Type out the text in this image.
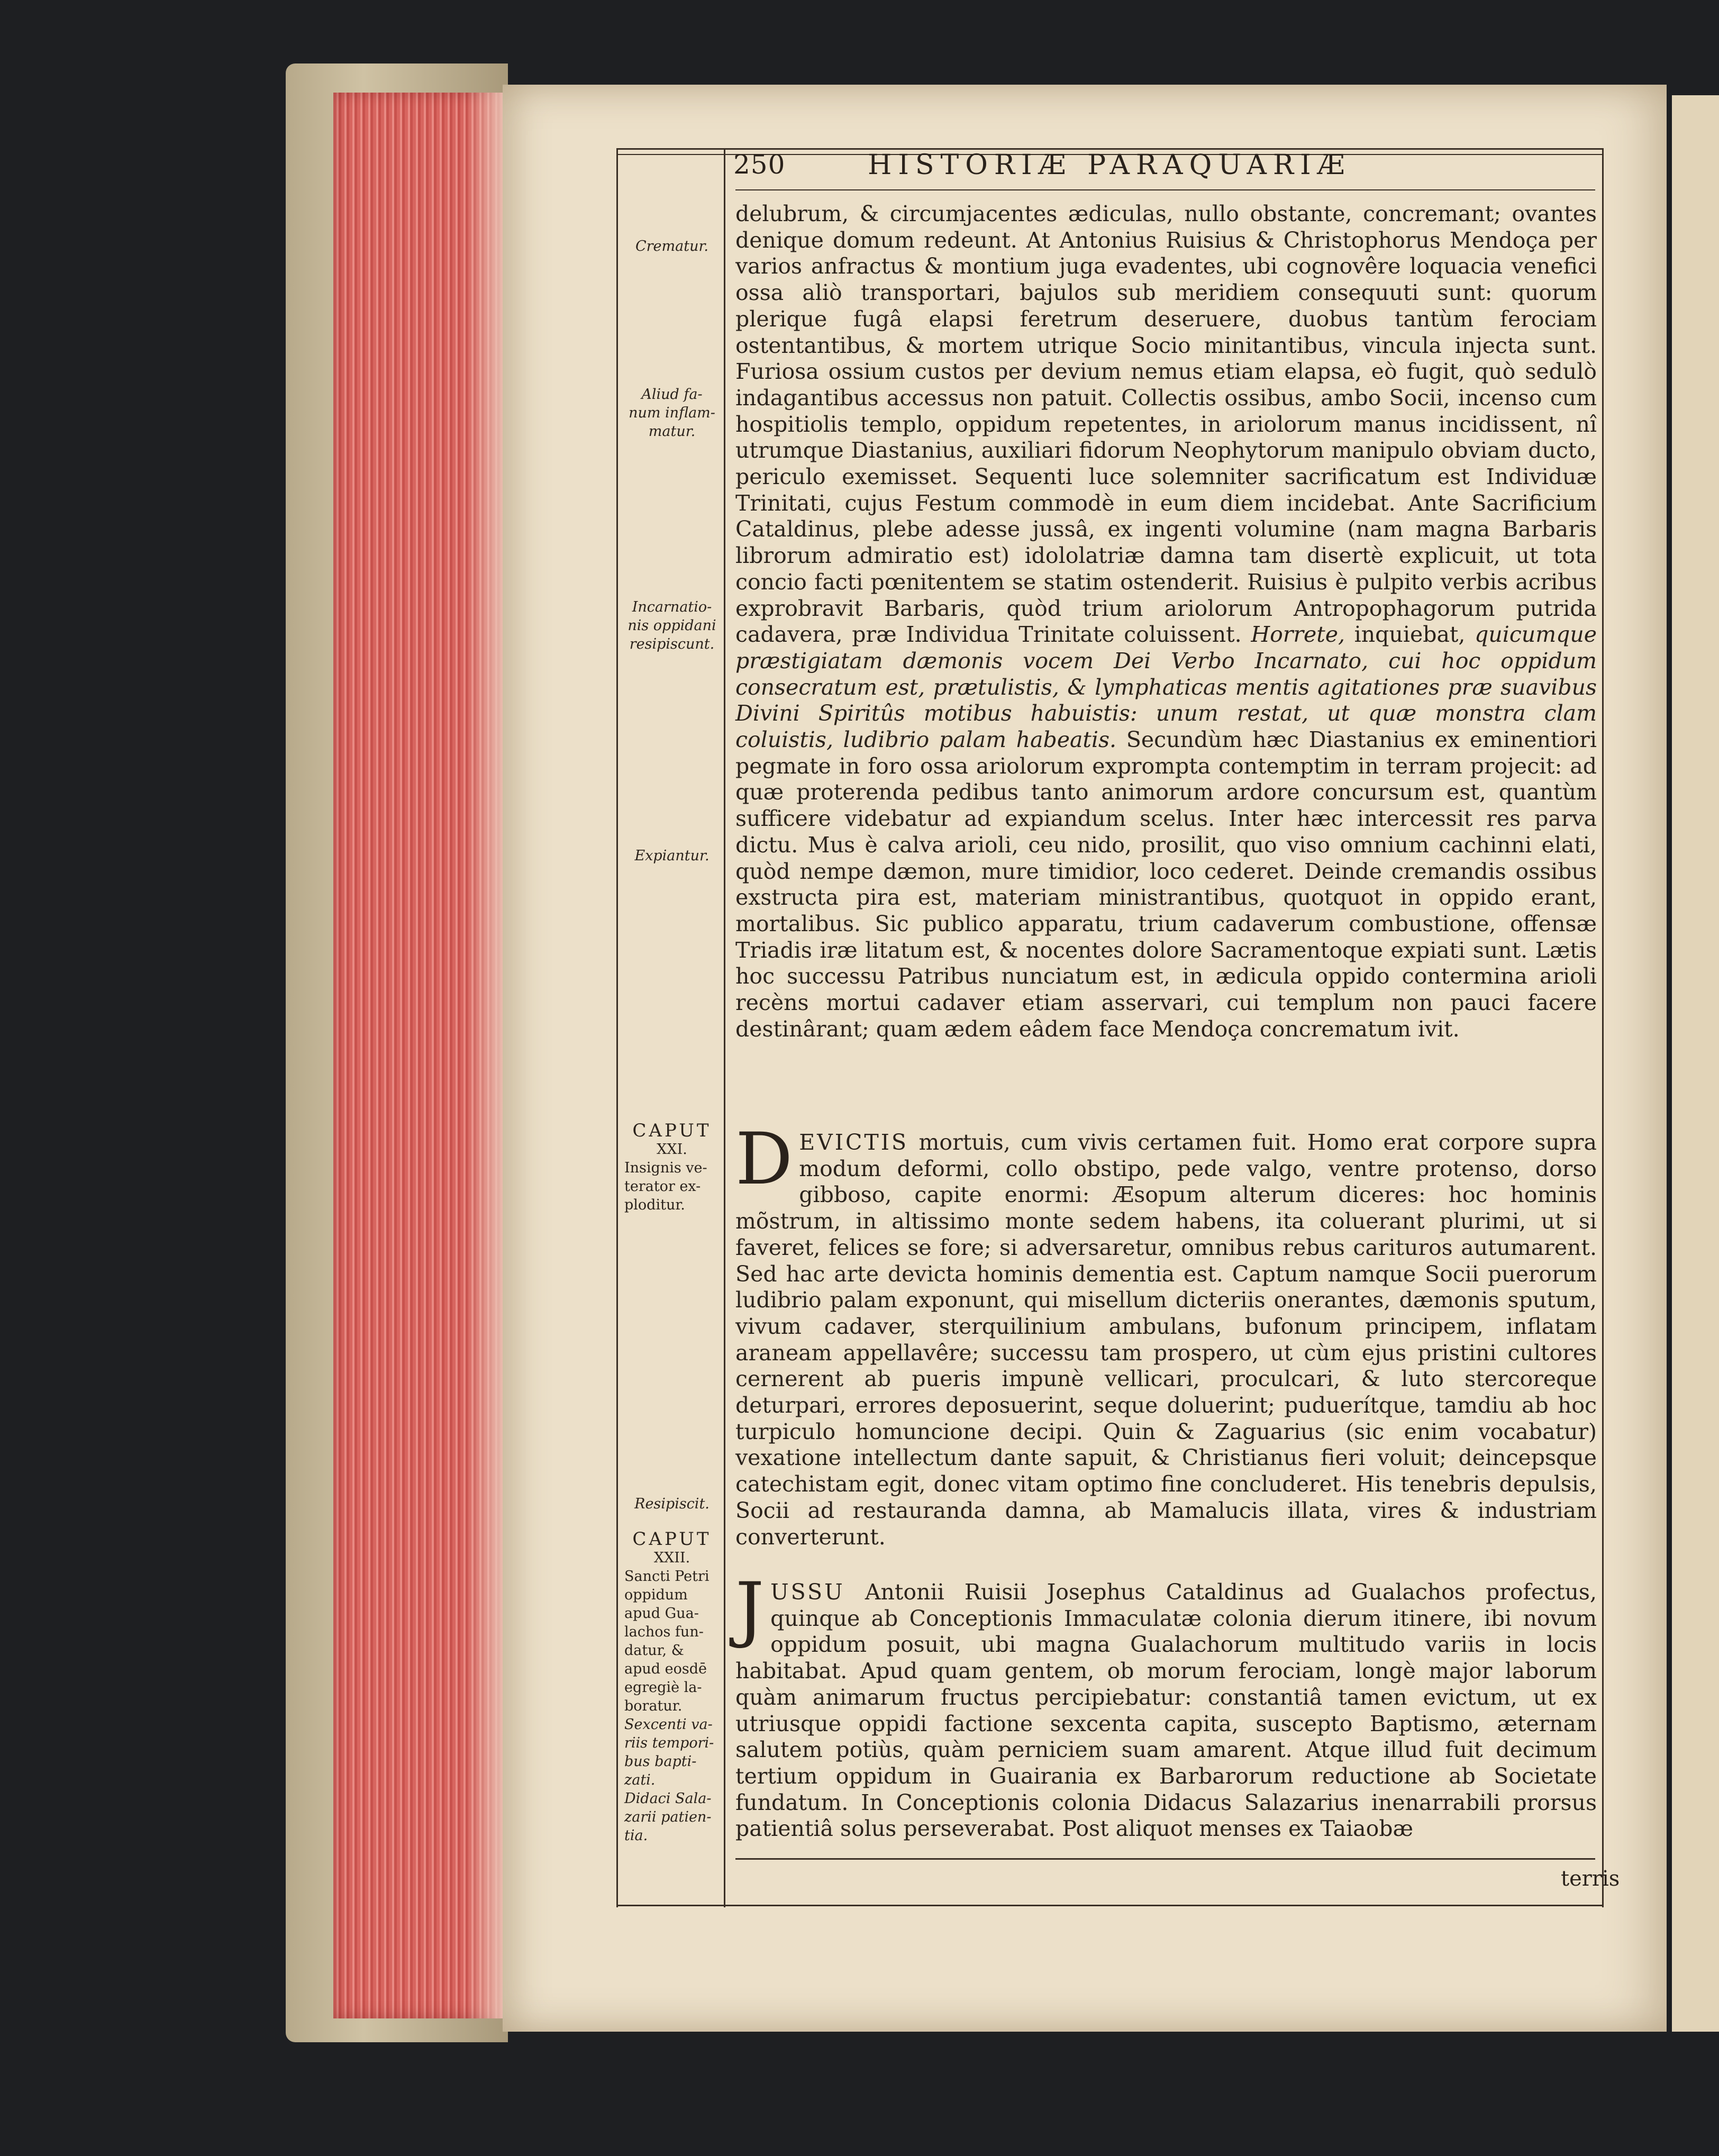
250	HISTORIÆ PARAQUARIÆ
Crematur.
Aliud fa-
num inflam-
matur.
Incarnatio-
nis oppidani
resipiscunt.
Expiantur.
CAPUT
XXI.
Insignis ve-
terator ex-
ploditur.
Resipiscit.
CAPUT
XXII.
Sancti Petri
oppidum
apud Gua-
lachos fun-
datur, &
apud eosdē
egregiè la-
boratur.
Sexcenti va-
riis tempori-
bus bapti-
zati.
Didaci Sala-
zarii patien-
tia.

delubrum, & circumjacentes ædiculas, nullo obstante, concremant; ovantes denique domum redeunt. At Antonius Ruisius & Christophorus Mendoça per varios anfractus & montium juga evadentes, ubi cognovêre loquacia venefici ossa aliò transportari, bajulos sub meridiem consequuti sunt: quorum plerique fugâ elapsi feretrum deseruere, duobus tantùm ferociam ostentantibus, & mortem utrique Socio minitantibus, vincula injecta sunt. Furiosa ossium custos per devium nemus etiam elapsa, eò fugit, quò sedulò indagantibus accessus non patuit. Collectis ossibus, ambo Socii, incenso cum hospitiolis templo, oppidum repetentes, in ariolorum manus incidissent, nî utrumque Diastanius, auxiliari fidorum Neophytorum manipulo obviam ducto, periculo exemisset. Sequenti luce solemniter sacrificatum est Individuæ Trinitati, cujus Festum commodè in eum diem incidebat. Ante Sacrificium Cataldinus, plebe adesse jussâ, ex ingenti volumine (nam magna Barbaris librorum admiratio est) idololatriæ damna tam disertè explicuit, ut tota concio facti pœnitentem se statim ostenderit. Ruisius è pulpito verbis acribus exprobravit Barbaris, quòd trium ariolorum Antropophagorum putrida cadavera, præ Individua Trinitate coluissent. Horrete, inquiebat, quicumque præstigiatam dæmonis vocem Dei Verbo Incarnato, cui hoc oppidum consecratum est, prætulistis, & lymphaticas mentis agitationes præ suavibus Divini Spiritûs motibus habuistis: unum restat, ut quæ monstra clam coluistis, ludibrio palam habeatis. Secundùm hæc Diastanius ex eminentiori pegmate in foro ossa ariolorum exprompta contemptim in terram projecit: ad quæ proterenda pedibus tanto animorum ardore concursum est, quantùm sufficere videbatur ad expiandum scelus. Inter hæc intercessit res parva dictu. Mus è calva arioli, ceu nido, prosilit, quo viso omnium cachinni elati, quòd nempe dæmon, mure timidior, loco cederet. Deinde cremandis ossibus exstructa pira est, materiam ministrantibus, quotquot in oppido erant, mortalibus. Sic publico apparatu, trium cadaverum combustione, offensæ Triadis iræ litatum est, & nocentes dolore Sacramentoque expiati sunt. Lætis hoc successu Patribus nunciatum est, in ædicula oppido contermina arioli recèns mortui cadaver etiam asservari, cui templum non pauci facere destinârant; quam ædem eâdem face Mendoça concrematum ivit.

D EVICTIS mortuis, cum vivis certamen fuit. Homo erat corpore supra modum deformi, collo obstipo, pede valgo, ventre protenso, dorso gibboso, capite enormi: Æsopum alterum diceres: hoc hominis mõstrum, in altissimo monte sedem habens, ita coluerant plurimi, ut si faveret, felices se fore; si adversaretur, omnibus rebus carituros autumarent. Sed hac arte devicta hominis dementia est. Captum namque Socii puerorum ludibrio palam exponunt, qui misellum dicteriis onerantes, dæmonis sputum, vivum cadaver, sterquilinium ambulans, bufonum principem, inflatam araneam appellavêre; successu tam prospero, ut cùm ejus pristini cultores cernerent ab pueris impunè vellicari, proculcari, & luto stercoreque deturpari, errores deposuerint, seque doluerint; puduerítque, tamdiu ab hoc turpiculo homuncione decipi. Quin & Zaguarius (sic enim vocabatur) vexatione intellectum dante sapuit, & Christianus fieri voluit; deincepsque catechistam egit, donec vitam optimo fine concluderet. His tenebris depulsis, Socii ad restauranda damna, ab Mamalucis illata, vires & industriam converterunt.

J USSU Antonii Ruisii Josephus Cataldinus ad Gualachos profectus, quinque ab Conceptionis Immaculatæ colonia dierum itinere, ibi novum oppidum posuit, ubi magna Gualachorum multitudo variis in locis habitabat. Apud quam gentem, ob morum ferociam, longè major laborum quàm animarum fructus percipiebatur: constantiâ tamen evictum, ut ex utriusque oppidi factione sexcenta capita, suscepto Baptismo, æternam salutem potiùs, quàm perniciem suam amarent. Atque illud fuit decimum tertium oppidum in Guairania ex Barbarorum reductione ab Societate fundatum. In Conceptionis colonia Didacus Salazarius inenarrabili prorsus patientiâ solus perseverabat. Post aliquot menses ex Taiaobæ

terris
